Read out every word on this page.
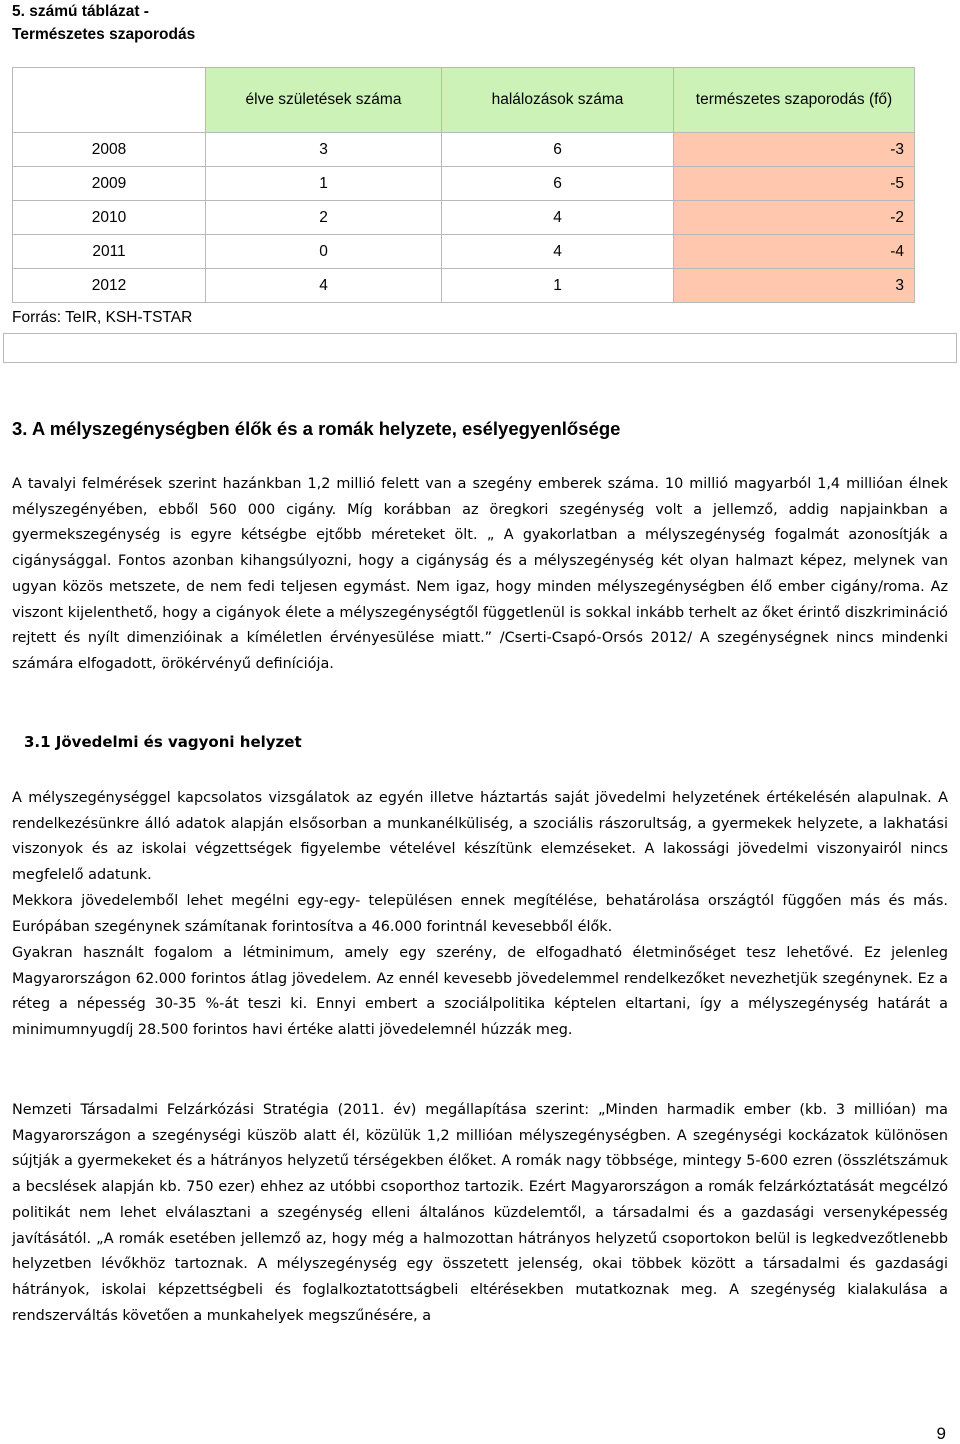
5. számú táblázat - Természetes szaporodás
	élve születések száma	halálozások száma	természetes szaporodás (fő)
2008	3	6	-3
2009	1	6	-5
2010	2	4	-2
2011	0	4	-4
2012	4	1	3
Forrás: TeIR, KSH-TSTAR
3. A mélyszegénységben élők és a romák helyzete, esélyegyenlősége
A tavalyi felmérések szerint hazánkban 1,2 millió felett van a szegény emberek száma. 10 millió magyarból 1,4 millióan élnek mélyszegényében, ebből 560 000 cigány. Míg korábban az öregkori szegénység volt a jellemző, addig napjainkban a gyermekszegénység is egyre kétségbe ejtőbb méreteket ölt. „ A gyakorlatban a mélyszegénység fogalmát azonosítják a cigánysággal. Fontos azonban kihangsúlyozni, hogy a cigányság és a mélyszegénység két olyan halmazt képez, melynek van ugyan közös metszete, de nem fedi teljesen egymást. Nem igaz, hogy minden mélyszegénységben élő ember cigány/roma. Az viszont kijelenthető, hogy a cigányok élete a mélyszegénységtől függetlenül is sokkal inkább terhelt az őket érintő diszkrimináció rejtett és nyílt dimenzióinak a kíméletlen érvényesülése miatt.” /Cserti-Csapó-Orsós 2012/ A szegénységnek nincs mindenki számára elfogadott, örökérvényű definíciója.
3.1 Jövedelmi és vagyoni helyzet
A mélyszegénységgel kapcsolatos vizsgálatok az egyén illetve háztartás saját jövedelmi helyzetének értékelésén alapulnak. A rendelkezésünkre álló adatok alapján elsősorban a munkanélküliség, a szociális rászorultság, a gyermekek helyzete, a lakhatási viszonyok és az iskolai végzettségek figyelembe vételével készítünk elemzéseket. A lakossági jövedelmi viszonyairól nincs megfelelő adatunk.
Mekkora jövedelemből lehet megélni egy-egy- településen ennek megítélése, behatárolása országtól függően más és más. Európában szegénynek számítanak forintosítva a 46.000 forintnál kevesebből élők.
Gyakran használt fogalom a létminimum, amely egy szerény, de elfogadható életminőséget tesz lehetővé. Ez jelenleg Magyarországon 62.000 forintos átlag jövedelem. Az ennél kevesebb jövedelemmel rendelkezőket nevezhetjük szegénynek. Ez a réteg a népesség 30-35 %-át teszi ki. Ennyi embert a szociálpolitika képtelen eltartani, így a mélyszegénység határát a minimumnyugdíj 28.500 forintos havi értéke alatti jövedelemnél húzzák meg.
Nemzeti Társadalmi Felzárkózási Stratégia (2011. év) megállapítása szerint: „Minden harmadik ember (kb. 3 millióan) ma Magyarországon a szegénységi küszöb alatt él, közülük 1,2 millióan mélyszegénységben. A szegénységi kockázatok különösen sújtják a gyermekeket és a hátrányos helyzetű térségekben élőket. A romák nagy többsége, mintegy 5-600 ezren (összlétszámuk a becslések alapján kb. 750 ezer) ehhez az utóbbi csoporthoz tartozik. Ezért Magyarországon a romák felzárkóztatását megcélzó politikát nem lehet elválasztani a szegénység elleni általános küzdelemtől, a társadalmi és a gazdasági versenyképesség javításától. „A romák esetében jellemző az, hogy még a halmozottan hátrányos helyzetű csoportokon belül is legkedvezőtlenebb helyzetben lévőkhöz tartoznak. A mélyszegénység egy összetett jelenség, okai többek között a társadalmi és gazdasági hátrányok, iskolai képzettségbeli és foglalkoztatottságbeli eltérésekben mutatkoznak meg. A szegénység kialakulása a rendszerváltás követően a munkahelyek megszűnésére, a
9
